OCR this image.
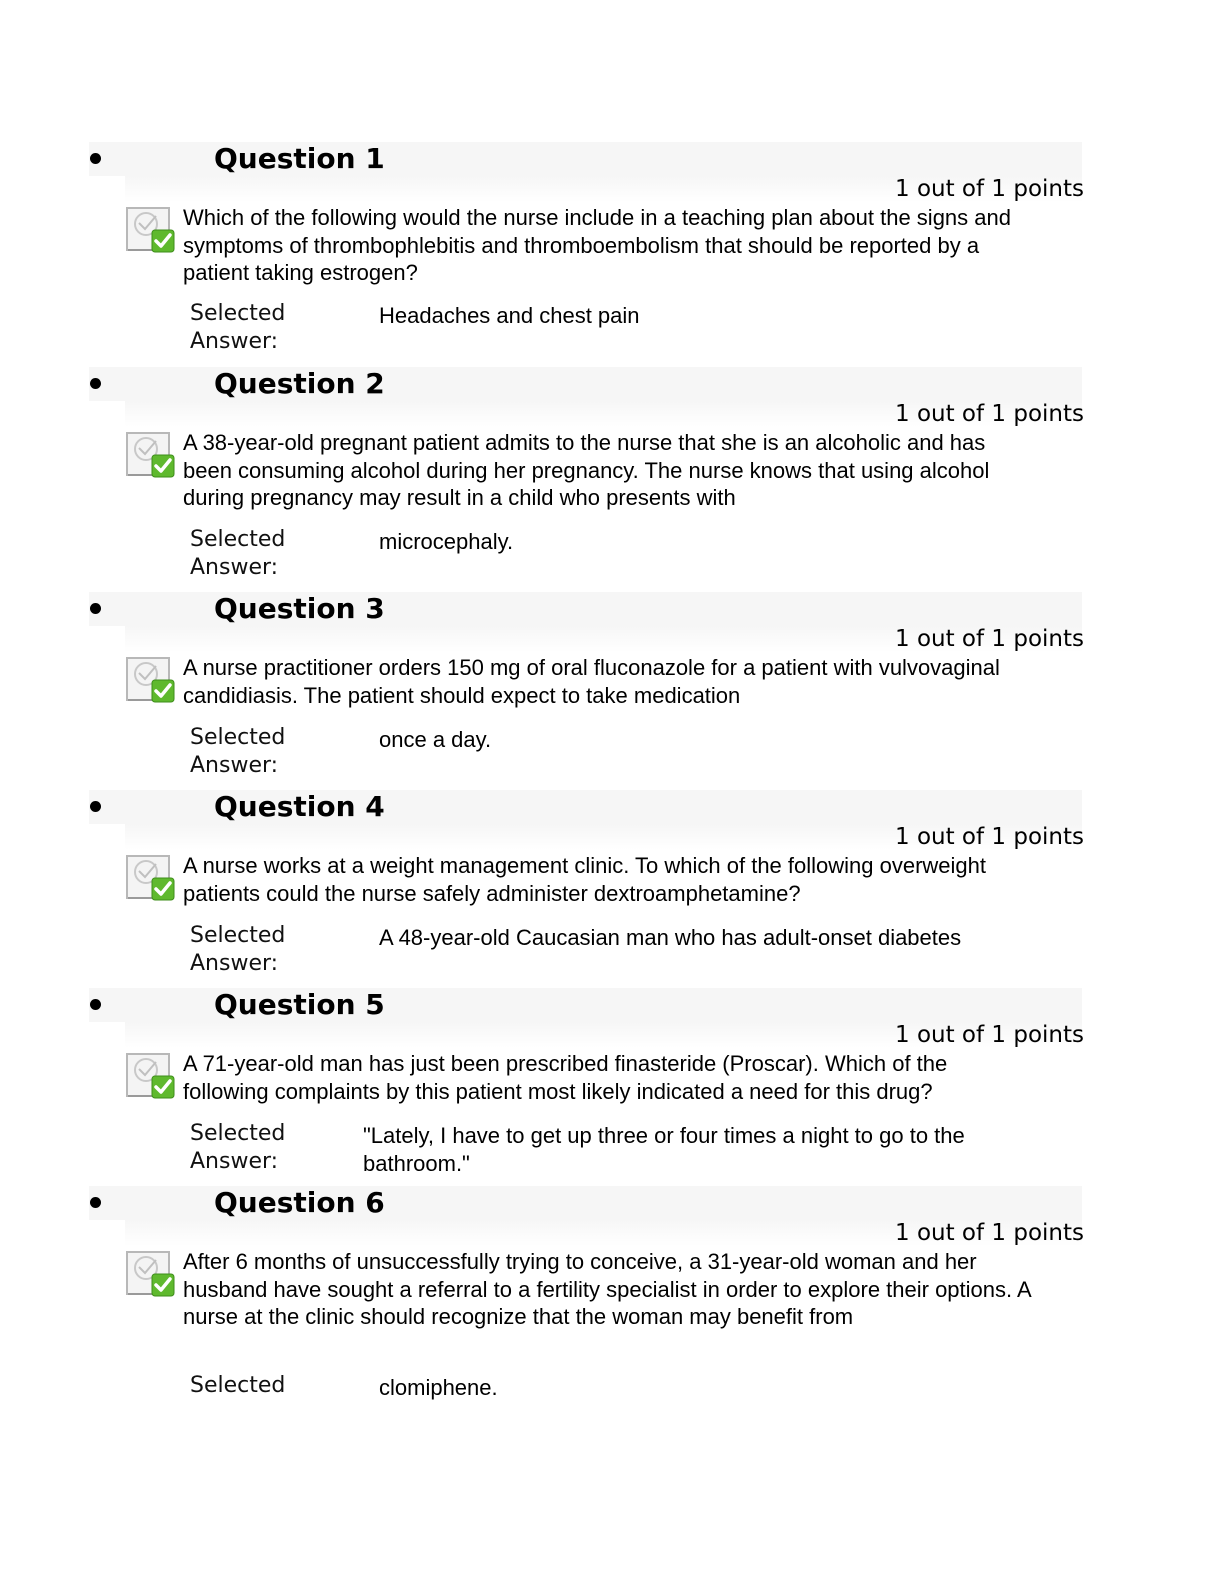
Question 1
1 out of 1 points
Which of the following would the nurse include in a teaching plan about the signs and symptoms of thrombophlebitis and thromboembolism that should be reported by a patient taking estrogen?
Selected Answer:
Headaches and chest pain
Question 2
1 out of 1 points
A 38-year-old pregnant patient admits to the nurse that she is an alcoholic and has been consuming alcohol during her pregnancy. The nurse knows that using alcohol during pregnancy may result in a child who presents with
Selected Answer:
microcephaly.
Question 3
1 out of 1 points
A nurse practitioner orders 150 mg of oral fluconazole for a patient with vulvovaginal candidiasis. The patient should expect to take medication
Selected Answer:
once a day.
Question 4
1 out of 1 points
A nurse works at a weight management clinic. To which of the following overweight patients could the nurse safely administer dextroamphetamine?
Selected Answer:
A 48-year-old Caucasian man who has adult-onset diabetes
Question 5
1 out of 1 points
A 71-year-old man has just been prescribed finasteride (Proscar). Which of the following complaints by this patient most likely indicated a need for this drug?
Selected Answer:
"Lately, I have to get up three or four times a night to go to the bathroom."
Question 6
1 out of 1 points
After 6 months of unsuccessfully trying to conceive, a 31-year-old woman and her husband have sought a referral to a fertility specialist in order to explore their options. A nurse at the clinic should recognize that the woman may benefit from
Selected	clomiphene.
